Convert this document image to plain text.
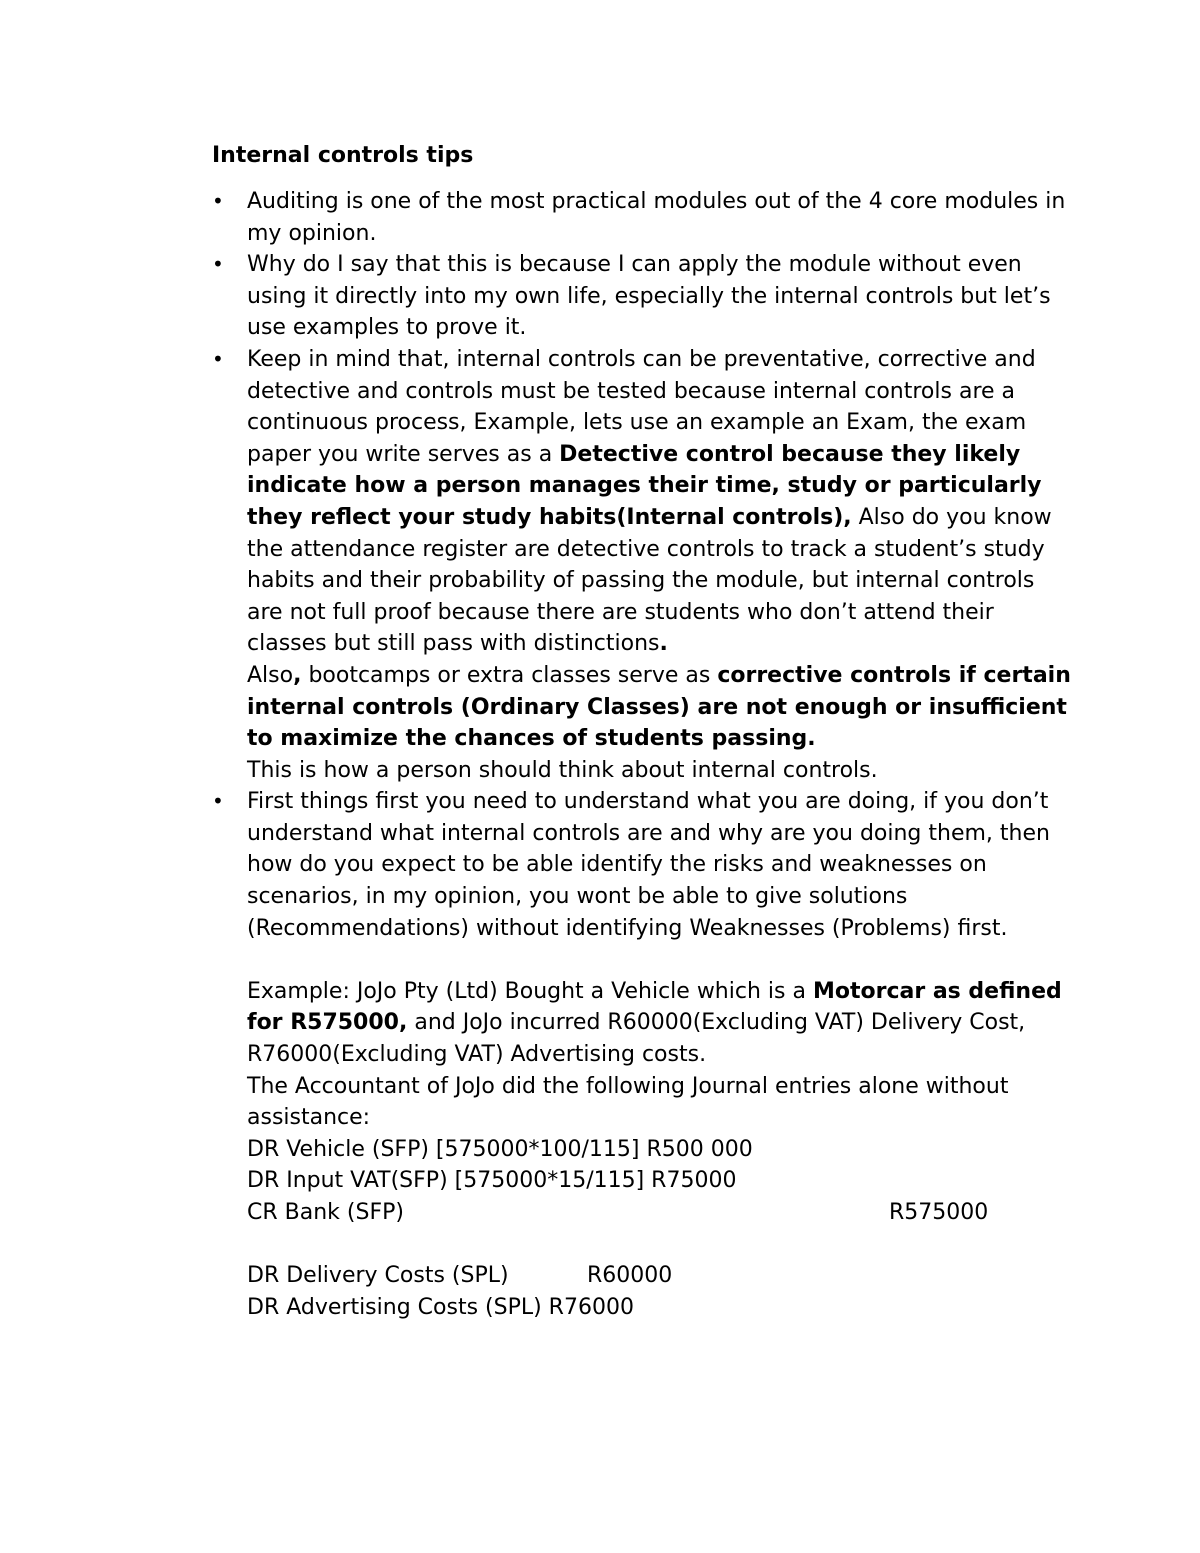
Internal controls tips
•	Auditing is one of the most practical modules out of the 4 core modules in my opinion.
•	Why do I say that this is because I can apply the module without even using it directly into my own life, especially the internal controls but let’s use examples to prove it.
•	Keep in mind that, internal controls can be preventative, corrective and detective and controls must be tested because internal controls are a continuous process, Example, lets use an example an Exam, the exam paper you write serves as a Detective control because they likely indicate how a person manages their time, study or particularly they reflect your study habits(Internal controls), Also do you know the attendance register are detective controls to track a student’s study habits and their probability of passing the module, but internal controls are not full proof because there are students who don’t attend their classes but still pass with distinctions.
Also, bootcamps or extra classes serve as corrective controls if certain internal controls (Ordinary Classes) are not enough or insufficient to maximize the chances of students passing.
This is how a person should think about internal controls.
•	First things first you need to understand what you are doing, if you don’t understand what internal controls are and why are you doing them, then how do you expect to be able identify the risks and weaknesses on scenarios, in my opinion, you wont be able to give solutions (Recommendations) without identifying Weaknesses (Problems) first.
Example: JoJo Pty (Ltd) Bought a Vehicle which is a Motorcar as defined for R575000, and JoJo incurred R60000(Excluding VAT) Delivery Cost, R76000(Excluding VAT) Advertising costs.
The Accountant of JoJo did the following Journal entries alone without assistance:
DR Vehicle (SFP) [575000*100/115] R500 000
DR Input VAT(SFP) [575000*15/115] R75000
CR Bank (SFP)	R575000
DR Delivery Costs (SPL)	R60000
DR Advertising Costs (SPL) R76000
